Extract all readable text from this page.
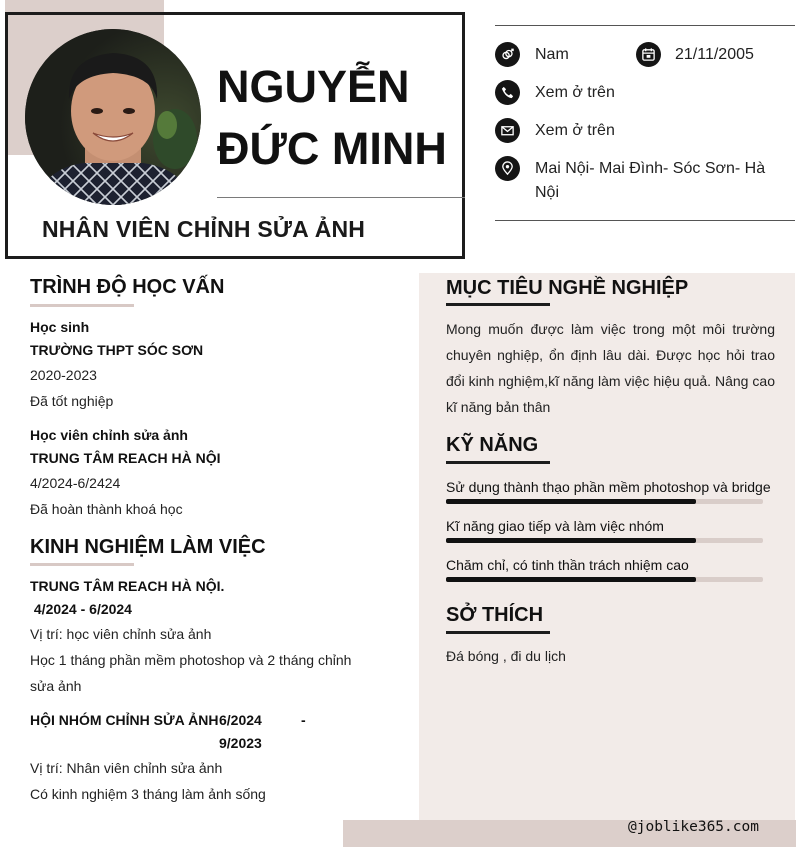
NGUYỄN
ĐỨC MINH
NHÂN VIÊN CHỈNH SỬA ẢNH
Nam	21/11/2005
Xem ở trên
Xem ở trên
Mai Nội- Mai Đình- Sóc Sơn- Hà Nội
TRÌNH ĐỘ HỌC VẤN
Học sinh
TRƯỜNG THPT SÓC SƠN
2020-2023
Đã tốt nghiệp
Học viên chỉnh sửa ảnh
TRUNG TÂM REACH HÀ NỘI
4/2024-6/2424
Đã hoàn thành khoá học
KINH NGHIỆM LÀM VIỆC
TRUNG TÂM REACH HÀ NỘI.
4/2024 - 6/2024
Vị trí: học viên chỉnh sửa ảnh
Học 1 tháng phần mềm photoshop và 2 tháng chỉnh sửa ảnh
HỘI NHÓM CHỈNH SỬA ẢNH 6/2024	-
9/2023
Vị trí: Nhân viên chỉnh sửa ảnh
Có kinh nghiệm 3 tháng làm ảnh sống
MỤC TIÊU NGHỀ NGHIỆP
Mong muốn được làm việc trong một môi trường chuyên nghiệp, ổn định lâu dài. Được học hỏi trao đổi kinh nghiệm,kĩ năng làm việc hiệu quả. Nâng cao kĩ năng bản thân
KỸ NĂNG
Sử dụng thành thạo phần mềm photoshop và bridge
Kĩ năng giao tiếp và làm việc nhóm
Chăm chỉ, có tinh thần trách nhiệm cao
SỞ THÍCH
Đá bóng , đi du lịch
@joblike365.com
